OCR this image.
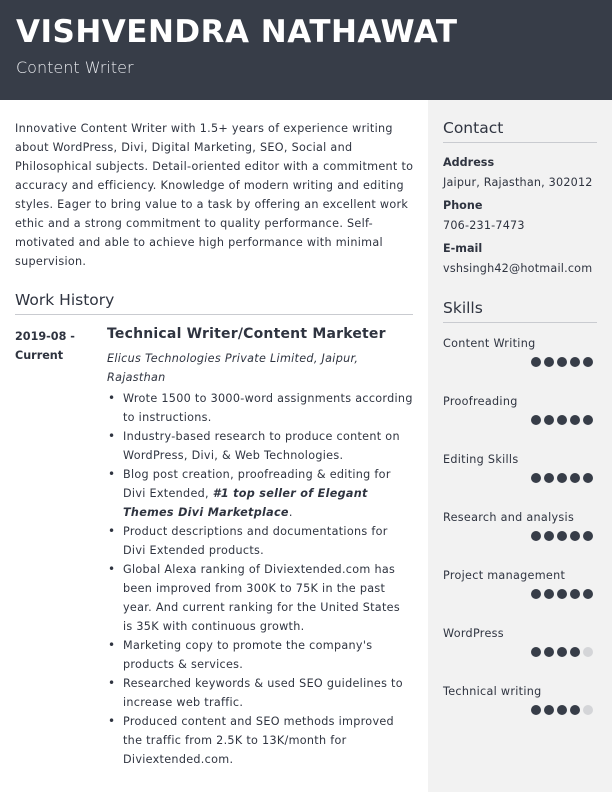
VISHVENDRA NATHAWAT
Content Writer
Innovative Content Writer with 1.5+ years of experience writing about WordPress, Divi, Digital Marketing, SEO, Social and Philosophical subjects. Detail-oriented editor with a commitment to accuracy and efficiency. Knowledge of modern writing and editing styles. Eager to bring value to a task by offering an excellent work ethic and a strong commitment to quality performance. Self-motivated and able to achieve high performance with minimal supervision.
Work History
2019-08 - Current
Technical Writer/Content Marketer
Elicus Technologies Private Limited, Jaipur, Rajasthan
• Wrote 1500 to 3000-word assignments according to instructions.
• Industry-based research to produce content on WordPress, Divi, & Web Technologies.
• Blog post creation, proofreading & editing for Divi Extended, #1 top seller of Elegant Themes Divi Marketplace.
• Product descriptions and documentations for Divi Extended products.
• Global Alexa ranking of Diviextended.com has been improved from 300K to 75K in the past year. And current ranking for the United States is 35K with continuous growth.
• Marketing copy to promote the company's products & services.
• Researched keywords & used SEO guidelines to increase web traffic.
• Produced content and SEO methods improved the traffic from 2.5K to 13K/month for Diviextended.com.
Contact
Address
Jaipur, Rajasthan, 302012
Phone
706-231-7473
E-mail
vshsingh42@hotmail.com
Skills
Content Writing
Proofreading
Editing Skills
Research and analysis
Project management
WordPress
Technical writing
